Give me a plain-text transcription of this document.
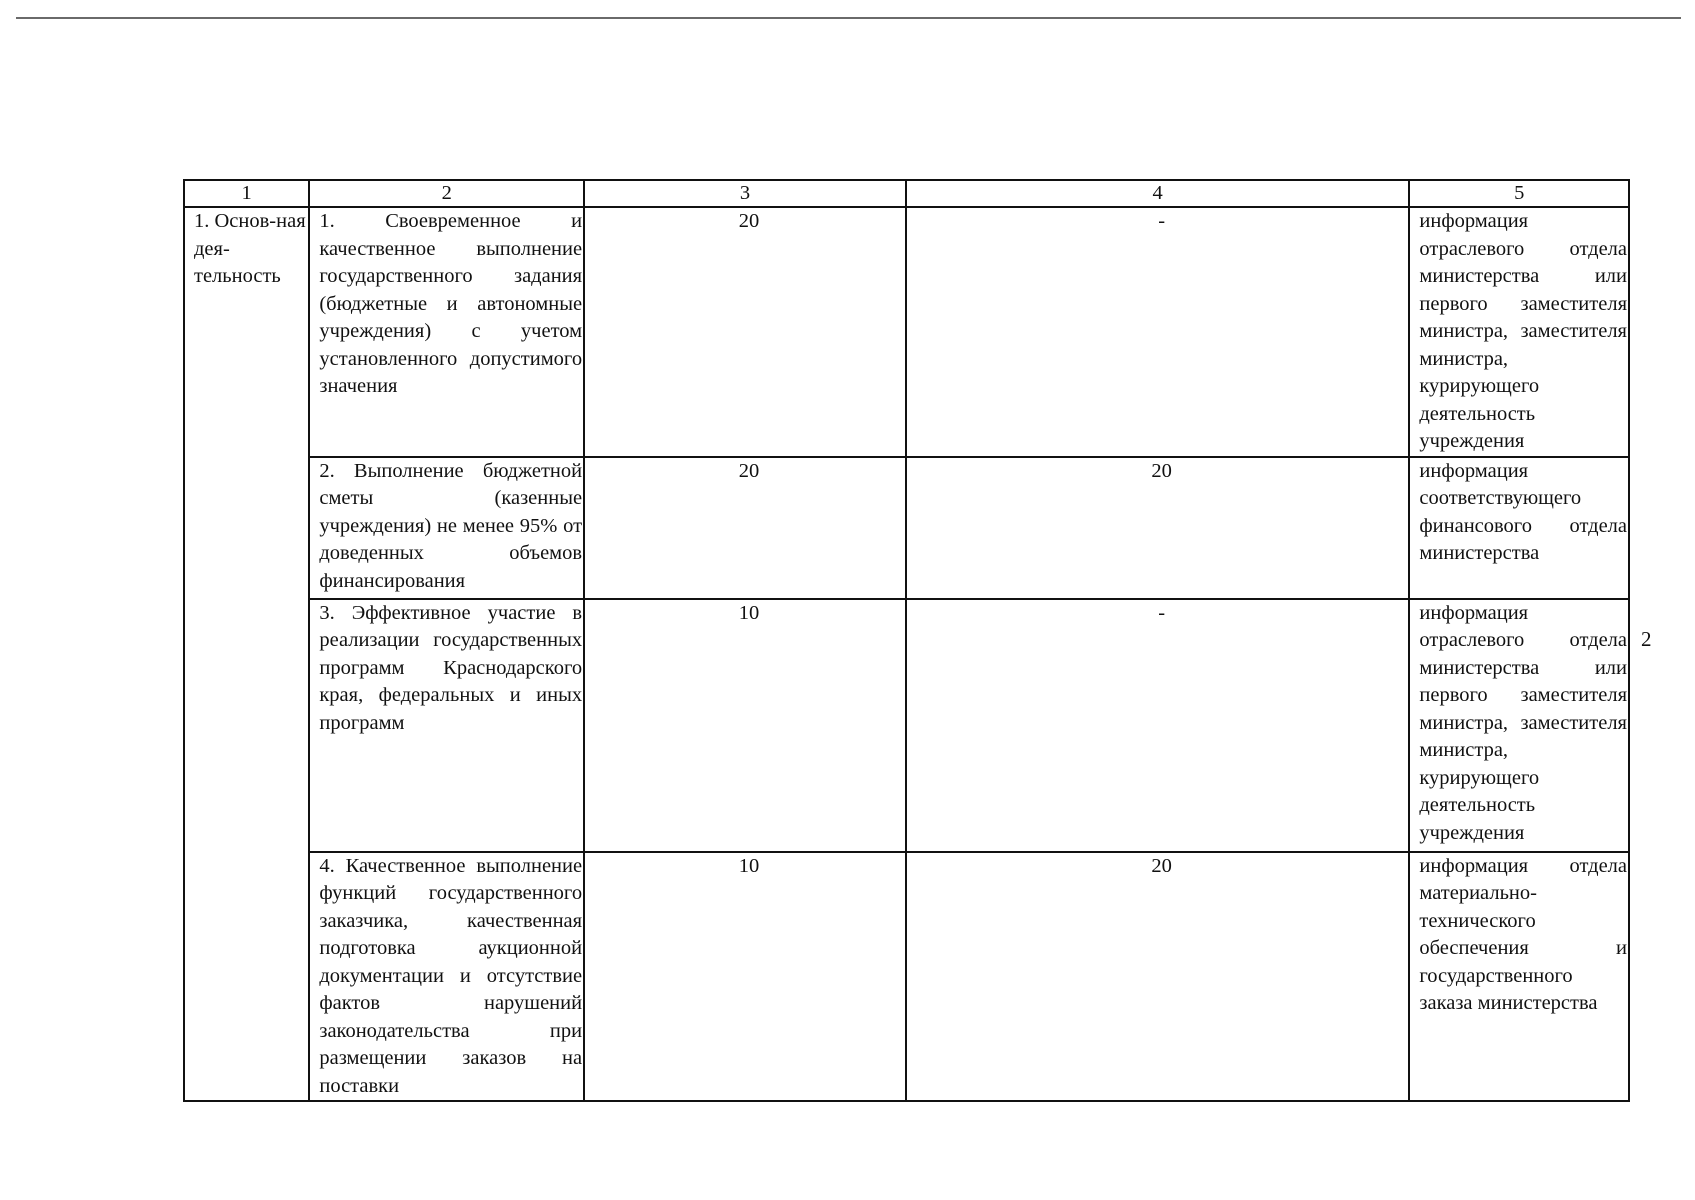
1	2	3	4	5
1. Основ-ная дея-тельность	1. Своевременное и качественное выполнение государственного задания (бюджетные и автономные учреждения) с учетом установленного допустимого значения	20	-	информация отраслевого отдела министерства или первого заместителя министра, заместителя министра, курирующего деятельность учреждения
	2. Выполнение бюджетной сметы (казенные учреждения) не менее 95% от доведенных объемов финансирования	20	20	информация соответствующего финансового отдела министерства
	3. Эффективное участие в реализации государственных программ Краснодарского края, федеральных и иных программ	10	-	информация отраслевого отдела министерства или первого заместителя министра, заместителя министра, курирующего деятельность учреждения
	4. Качественное выполнение функций государственного заказчика, качественная подготовка аукционной документации и отсутствие фактов нарушений законодательства при размещении заказов на поставки	10	20	информация отдела материально-технического обеспечения и государственного заказа министерства
2
